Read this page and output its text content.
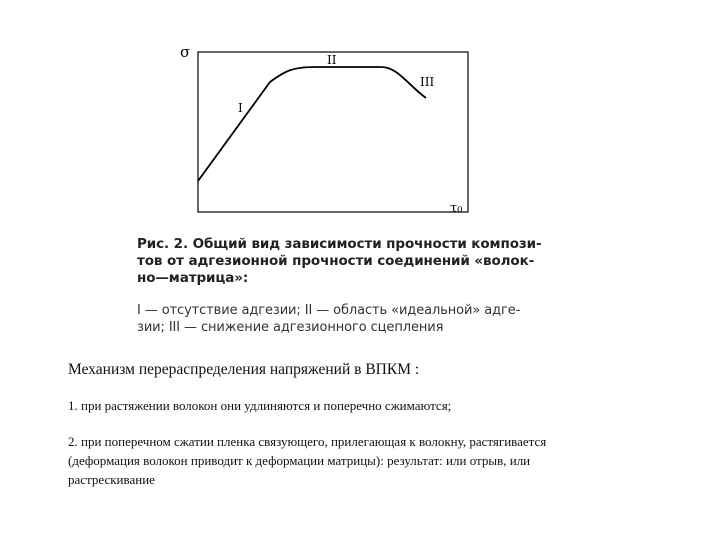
σ
τ₀
I
II
III
Рис. 2. Общий вид зависимости прочности компози-
тов от адгезионной прочности соединений «волок-
но—матрица»:
I — отсутствие адгезии; II — область «идеальной» адге-
зии; III — снижение адгезионного сцепления
Механизм перераспределения напряжений в ВПКМ :
1. при растяжении волокон они удлиняются и поперечно сжимаются;
2. при поперечном сжатии пленка связующего, прилегающая к волокну, растягивается
(деформация волокон приводит к деформации матрицы): результат: или отрыв, или
растрескивание
